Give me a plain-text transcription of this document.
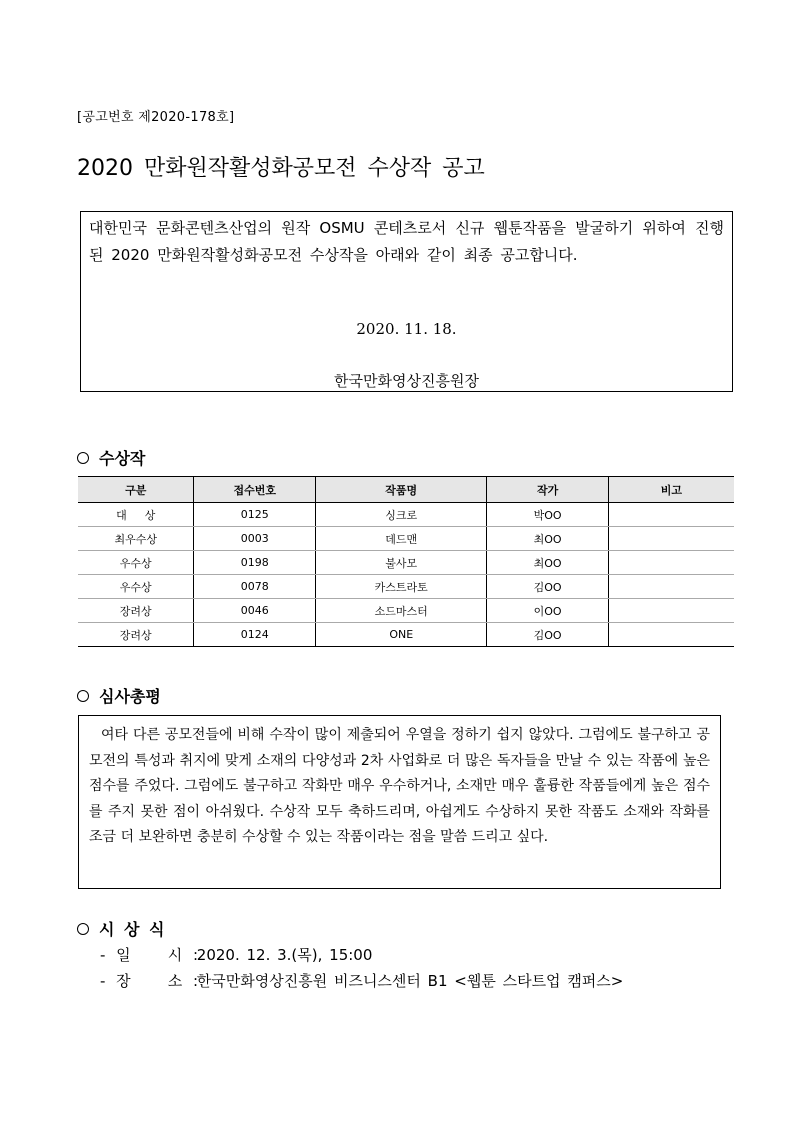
[공고번호 제2020-178호]
2020 만화원작활성화공모전 수상작 공고

대한민국 문화콘텐츠산업의 원작 OSMU 콘테츠로서 신규 웹툰작품을 발굴하기 위하여 진행된 2020 만화원작활성화공모전 수상작을 아래와 같이 최종 공고합니다.

2020. 11. 18.
한국만화영상진흥원장
수상작
구분	접수번호	작품명	작가	비고
대상	0125	싱크로	박OO	
최우수상	0003	데드맨	최OO	
우수상	0198	불사모	최OO	
우수상	0078	카스트라토	김OO	
장려상	0046	소드마스터	이OO	
장려상	0124	ONE	김OO	
심사총평

여타 다른 공모전들에 비해 수작이 많이 제출되어 우열을 정하기 쉽지 않았다. 그럼에도 불구하고 공모전의 특성과 취지에 맞게 소재의 다양성과 2차 사업화로 더 많은 독자들을 만날 수 있는 작품에 높은 점수를 주었다. 그럼에도 불구하고 작화만 매우 우수하거나, 소재만 매우 훌륭한 작품들에게 높은 점수를 주지 못한 점이 아쉬웠다. 수상작 모두 축하드리며, 아쉽게도 수상하지 못한 작품도 소재와 작화를 조금 더 보완하면 충분히 수상할 수 있는 작품이라는 점을 말씀 드리고 싶다.

시 상 식
- 일    시 : 2020. 12. 3.(목), 15:00
- 장    소 : 한국만화영상진흥원 비즈니스센터 B1 <웹툰 스타트업 캠퍼스>
